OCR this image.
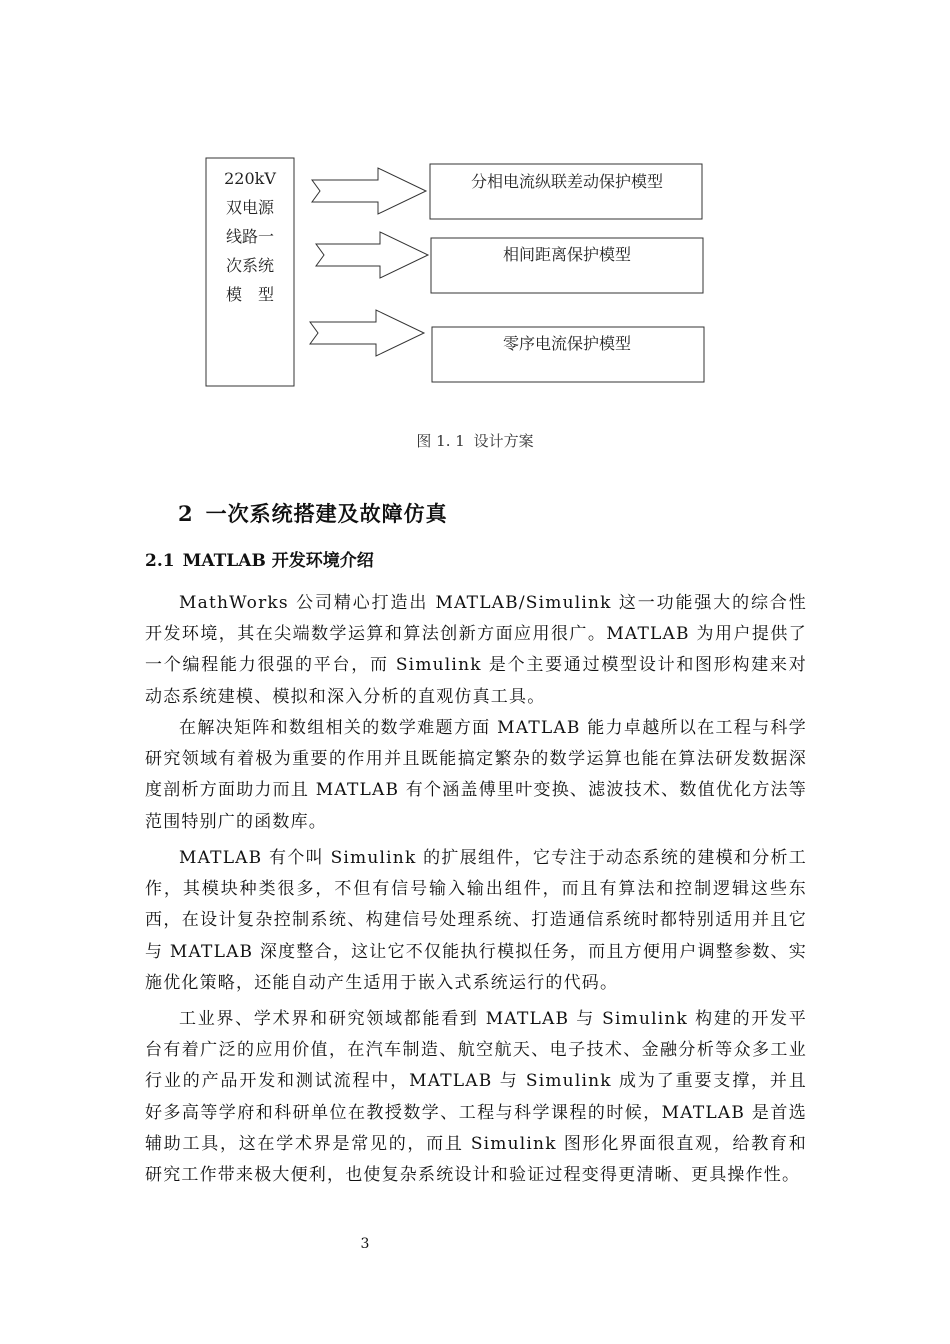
220kV
双电源
线路一
次系统
模　型
分相电流纵联差动保护模型
相间距离保护模型
零序电流保护模型
图 1. 1 设计方案
2 一次系统搭建及故障仿真
2.1 MATLAB 开发环境介绍

MathWorks 公司精心打造出 MATLAB/Simulink 这一功能强大的综合性开发环境，其在尖端数学运算和算法创新方面应用很广。MATLAB 为用户提供了一个编程能力很强的平台，而 Simulink 是个主要通过模型设计和图形构建来对动态系统建模、模拟和深入分析的直观仿真工具。

在解决矩阵和数组相关的数学难题方面 MATLAB 能力卓越所以在工程与科学研究领域有着极为重要的作用并且既能搞定繁杂的数学运算也能在算法研发数据深度剖析方面助力而且 MATLAB 有个涵盖傅里叶变换、滤波技术、数值优化方法等范围特别广的函数库。

MATLAB 有个叫 Simulink 的扩展组件，它专注于动态系统的建模和分析工作，其模块种类很多，不但有信号输入输出组件，而且有算法和控制逻辑这些东西，在设计复杂控制系统、构建信号处理系统、打造通信系统时都特别适用并且它与 MATLAB 深度整合，这让它不仅能执行模拟任务，而且方便用户调整参数、实施优化策略，还能自动产生适用于嵌入式系统运行的代码。

工业界、学术界和研究领域都能看到 MATLAB 与 Simulink 构建的开发平台有着广泛的应用价值，在汽车制造、航空航天、电子技术、金融分析等众多工业行业的产品开发和测试流程中，MATLAB 与 Simulink 成为了重要支撑，并且好多高等学府和科研单位在教授数学、工程与科学课程的时候，MATLAB 是首选辅助工具，这在学术界是常见的，而且 Simulink 图形化界面很直观，给教育和研究工作带来极大便利，也使复杂系统设计和验证过程变得更清晰、更具操作性。

3
